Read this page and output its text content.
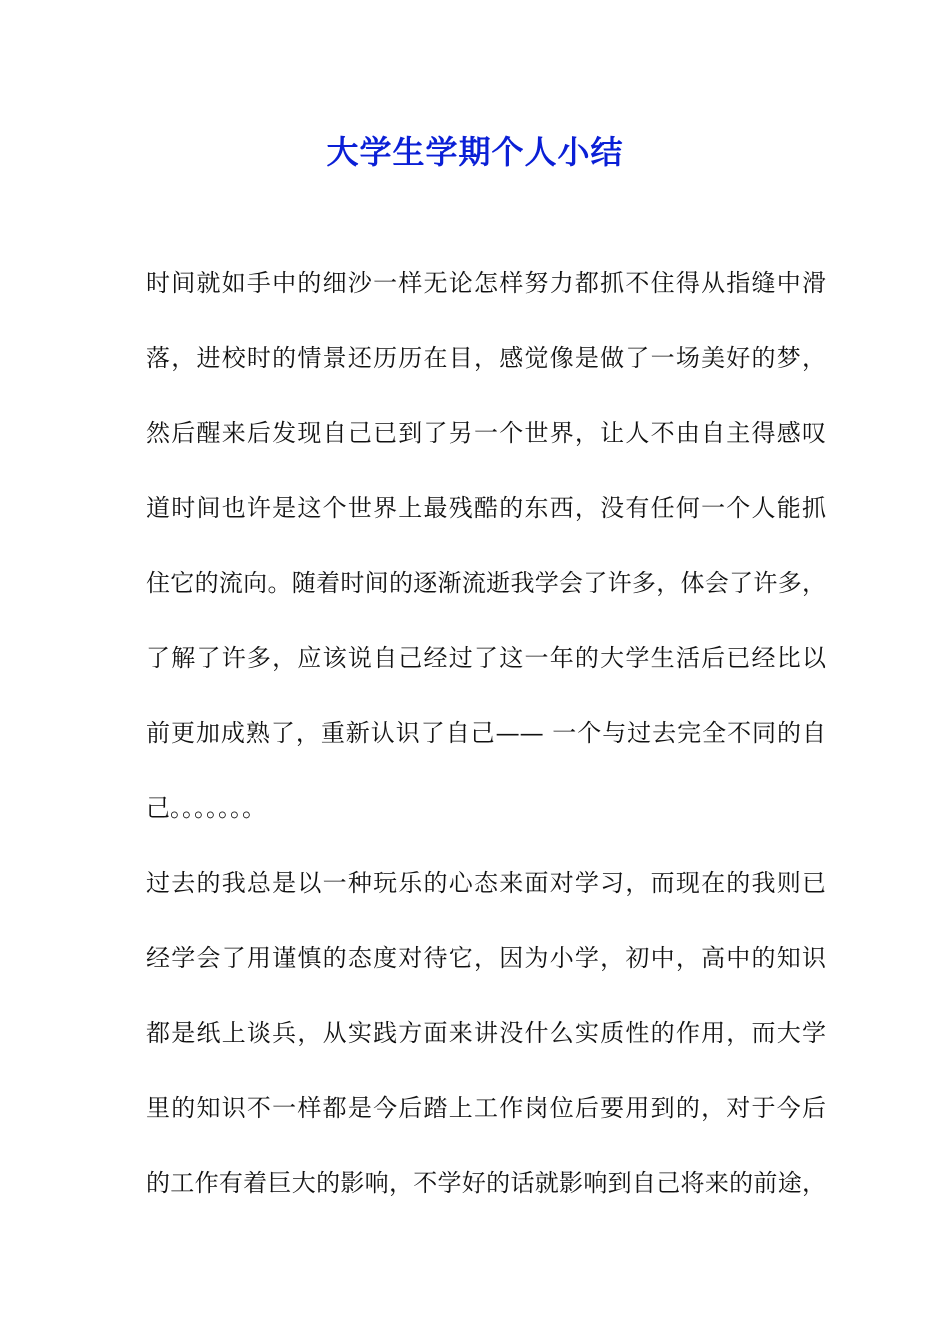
大学生学期个人小结
时间就如手中的细沙一样无论怎样努力都抓不住得从指缝中滑
落，进校时的情景还历历在目，感觉像是做了一场美好的梦，
然后醒来后发现自己已到了另一个世界，让人不由自主得感叹
道时间也许是这个世界上最残酷的东西，没有任何一个人能抓
住它的流向。随着时间的逐渐流逝我学会了许多，体会了许多，
了解了许多，应该说自己经过了这一年的大学生活后已经比以
前更加成熟了，重新认识了自己—— 一个与过去完全不同的自
己。。。。。。。
过去的我总是以一种玩乐的心态来面对学习，而现在的我则已
经学会了用谨慎的态度对待它，因为小学，初中，高中的知识
都是纸上谈兵，从实践方面来讲没什么实质性的作用，而大学
里的知识不一样都是今后踏上工作岗位后要用到的，对于今后
的工作有着巨大的影响，不学好的话就影响到自己将来的前途，
